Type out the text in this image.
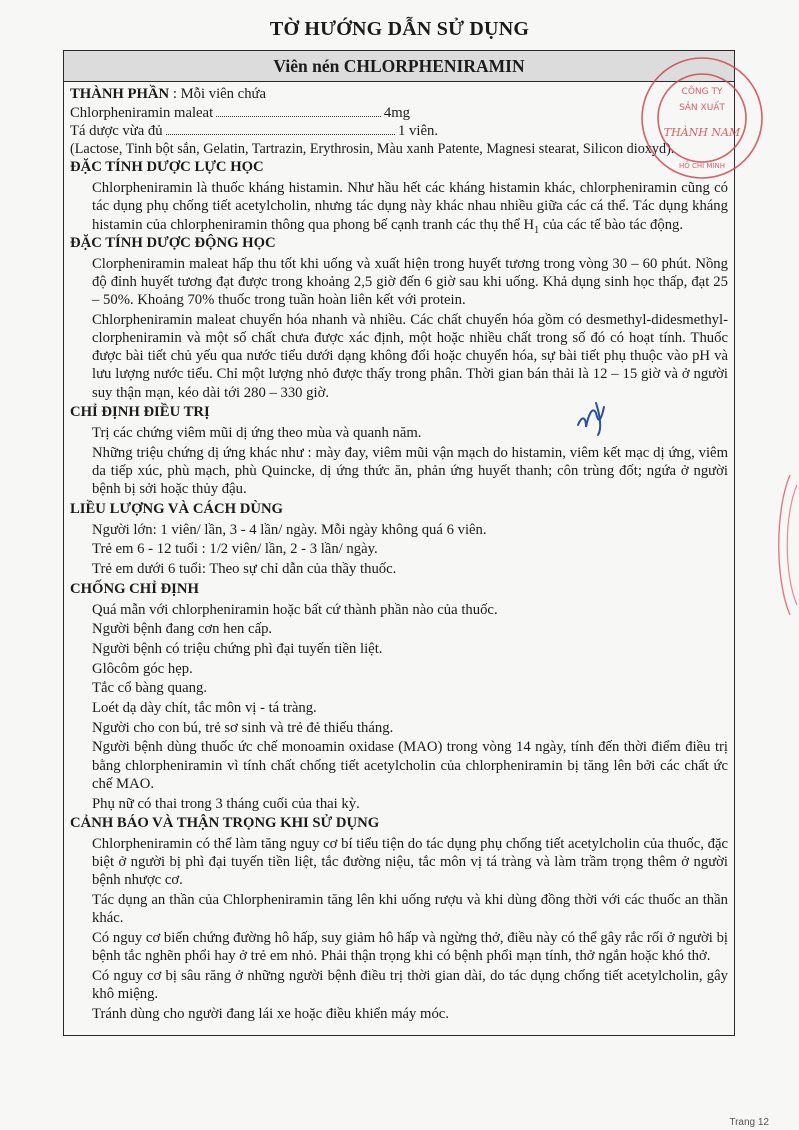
TỜ HƯỚNG DẪN SỬ DỤNG
Viên nén CHLORPHENIRAMIN
THÀNH PHẦN : Mỗi viên chứa
Chlorpheniramin maleat	4mg
Tá dược vừa đủ	1 viên.

(Lactose, Tinh bột sắn, Gelatin, Tartrazin, Erythrosin, Màu xanh Patente, Magnesi stearat, Silicon dioxyd).

ĐẶC TÍNH DƯỢC LỰC HỌC

Chlorpheniramin là thuốc kháng histamin. Như hầu hết các kháng histamin khác, chlorpheniramin cũng có tác dụng phụ chống tiết acetylcholin, nhưng tác dụng này khác nhau nhiều giữa các cá thể. Tác dụng kháng histamin của chlorpheniramin thông qua phong bế cạnh tranh các thụ thể $H_1$ của các tế bào tác động.

ĐẶC TÍNH DƯỢC ĐỘNG HỌC

Clorpheniramin maleat hấp thu tốt khi uống và xuất hiện trong huyết tương trong vòng 30 – 60 phút. Nồng độ đỉnh huyết tương đạt được trong khoảng 2,5 giờ đến 6 giờ sau khi uống. Khả dụng sinh học thấp, đạt 25 – 50%. Khoảng 70% thuốc trong tuần hoàn liên kết với protein.

Chlorpheniramin maleat chuyển hóa nhanh và nhiều. Các chất chuyển hóa gồm có desmethyl-didesmethyl-clorpheniramin và một số chất chưa được xác định, một hoặc nhiều chất trong số đó có hoạt tính. Thuốc được bài tiết chủ yếu qua nước tiểu dưới dạng không đổi hoặc chuyển hóa, sự bài tiết phụ thuộc vào pH và lưu lượng nước tiểu. Chỉ một lượng nhỏ được thấy trong phân. Thời gian bán thải là 12 – 15 giờ và ở người suy thận mạn, kéo dài tới 280 – 330 giờ.

CHỈ ĐỊNH ĐIỀU TRỊ

Trị các chứng viêm mũi dị ứng theo mùa và quanh năm.

Những triệu chứng dị ứng khác như : mày đay, viêm mũi vận mạch do histamin, viêm kết mạc dị ứng, viêm da tiếp xúc, phù mạch, phù Quincke, dị ứng thức ăn, phản ứng huyết thanh; côn trùng đốt; ngứa ở người bệnh bị sởi hoặc thủy đậu.

LIỀU LƯỢNG VÀ CÁCH DÙNG

Người lớn: 1 viên/ lần, 3 - 4 lần/ ngày. Mỗi ngày không quá 6 viên.

Trẻ em 6 - 12 tuổi : 1/2 viên/ lần, 2 - 3 lần/ ngày.

Trẻ em dưới 6 tuổi: Theo sự chỉ dẫn của thầy thuốc.

CHỐNG CHỈ ĐỊNH

Quá mẫn với chlorpheniramin hoặc bất cứ thành phần nào của thuốc.

Người bệnh đang cơn hen cấp.

Người bệnh có triệu chứng phì đại tuyến tiền liệt.

Glôcôm góc hẹp.

Tắc cổ bàng quang.

Loét dạ dày chít, tắc môn vị - tá tràng.

Người cho con bú, trẻ sơ sinh và trẻ đẻ thiếu tháng.

Người bệnh dùng thuốc ức chế monoamin oxidase (MAO) trong vòng 14 ngày, tính đến thời điểm điều trị bằng chlorpheniramin vì tính chất chống tiết acetylcholin của chlorpheniramin bị tăng lên bởi các chất ức chế MAO.

Phụ nữ có thai trong 3 tháng cuối của thai kỳ.

CẢNH BÁO VÀ THẬN TRỌNG KHI SỬ DỤNG

Chlorpheniramin có thể làm tăng nguy cơ bí tiểu tiện do tác dụng phụ chống tiết acetylcholin của thuốc, đặc biệt ở người bị phì đại tuyến tiền liệt, tắc đường niệu, tắc môn vị tá tràng và làm trầm trọng thêm ở người bệnh nhược cơ.

Tác dụng an thần của Chlorpheniramin tăng lên khi uống rượu và khi dùng đồng thời với các thuốc an thần khác.

Có nguy cơ biến chứng đường hô hấp, suy giảm hô hấp và ngừng thở, điều này có thể gây rắc rối ở người bị bệnh tắc nghẽn phổi hay ở trẻ em nhỏ. Phải thận trọng khi có bệnh phổi mạn tính, thở ngắn hoặc khó thở.

Có nguy cơ bị sâu răng ở những người bệnh điều trị thời gian dài, do tác dụng chống tiết acetylcholin, gây khô miệng.

Tránh dùng cho người đang lái xe hoặc điều khiển máy móc.

CÔNG TY
SẢN XUẤT
THÀNH NAM
HỒ CHÍ MINH
Trang 12
